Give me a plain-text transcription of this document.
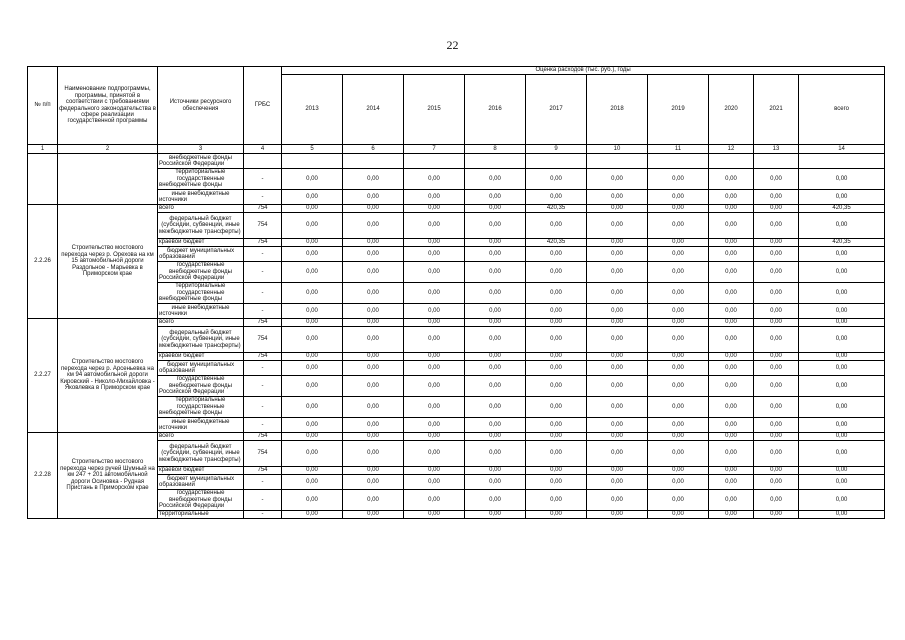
22
№ п/п	Наименование подпрограммы, программы, принятой в соответствии с требованиями федерального законодательства в сфере реализации государственной программы	Источники ресурсного обеспечения	ГРБС	Оценка расходов (тыс. руб.), годы									
				2013	2014	2015	2016	2017	2018	2019	2020	2021	всего
1	2	3	4	5	6	7	8	9	10	11	12	13	14
		внебюджетные фонды Российской Федерации											
		территориальные государственные внебюджетные фонды	-	0,00	0,00	0,00	0,00	0,00	0,00	0,00	0,00	0,00	0,00
		иные внебюджетные источники	-	0,00	0,00	0,00	0,00	0,00	0,00	0,00	0,00	0,00	0,00
2.2.26	Строительство мостового перехода через р. Орехова на км 15 автомобильной дороги Раздольное - Марьевка в Приморском крае	всего	754	0,00	0,00	0,00	0,00	420,35	0,00	0,00	0,00	0,00	420,35
		федеральный бюджет (субсидии, субвенции, иные межбюджетные трансферты)	754	0,00	0,00	0,00	0,00	0,00	0,00	0,00	0,00	0,00	0,00
		краевой бюджет	754	0,00	0,00	0,00	0,00	420,35	0,00	0,00	0,00	0,00	420,35
		бюджет муниципальных образований	-	0,00	0,00	0,00	0,00	0,00	0,00	0,00	0,00	0,00	0,00
		государственные внебюджетные фонды Российской Федерации	-	0,00	0,00	0,00	0,00	0,00	0,00	0,00	0,00	0,00	0,00
		территориальные государственные внебюджетные фонды	-	0,00	0,00	0,00	0,00	0,00	0,00	0,00	0,00	0,00	0,00
		иные внебюджетные источники	-	0,00	0,00	0,00	0,00	0,00	0,00	0,00	0,00	0,00	0,00
2.2.27	Строительство мостового перехода через р. Арсеньевка на км 94 автомобильной дороги Кировский - Николо-Михайловка - Яковлевка в Приморском крае	всего	754	0,00	0,00	0,00	0,00	0,00	0,00	0,00	0,00	0,00	0,00
		федеральный бюджет (субсидии, субвенции, иные межбюджетные трансферты)	754	0,00	0,00	0,00	0,00	0,00	0,00	0,00	0,00	0,00	0,00
		краевой бюджет	754	0,00	0,00	0,00	0,00	0,00	0,00	0,00	0,00	0,00	0,00
		бюджет муниципальных образований	-	0,00	0,00	0,00	0,00	0,00	0,00	0,00	0,00	0,00	0,00
		государственные внебюджетные фонды Российской Федерации	-	0,00	0,00	0,00	0,00	0,00	0,00	0,00	0,00	0,00	0,00
		территориальные государственные внебюджетные фонды	-	0,00	0,00	0,00	0,00	0,00	0,00	0,00	0,00	0,00	0,00
		иные внебюджетные источники	-	0,00	0,00	0,00	0,00	0,00	0,00	0,00	0,00	0,00	0,00
2.2.28	Строительство мостового перехода через ручей Шумный на км 247 + 201 автомобильной дороги Осиновка - Рудная Пристань в Приморском крае	всего	754	0,00	0,00	0,00	0,00	0,00	0,00	0,00	0,00	0,00	0,00
		федеральный бюджет (субсидии, субвенции, иные межбюджетные трансферты)	754	0,00	0,00	0,00	0,00	0,00	0,00	0,00	0,00	0,00	0,00
		краевой бюджет	754	0,00	0,00	0,00	0,00	0,00	0,00	0,00	0,00	0,00	0,00
		бюджет муниципальных образований	-	0,00	0,00	0,00	0,00	0,00	0,00	0,00	0,00	0,00	0,00
		государственные внебюджетные фонды Российской Федерации	-	0,00	0,00	0,00	0,00	0,00	0,00	0,00	0,00	0,00	0,00
		территориальные	-	0,00	0,00	0,00	0,00	0,00	0,00	0,00	0,00	0,00	0,00
